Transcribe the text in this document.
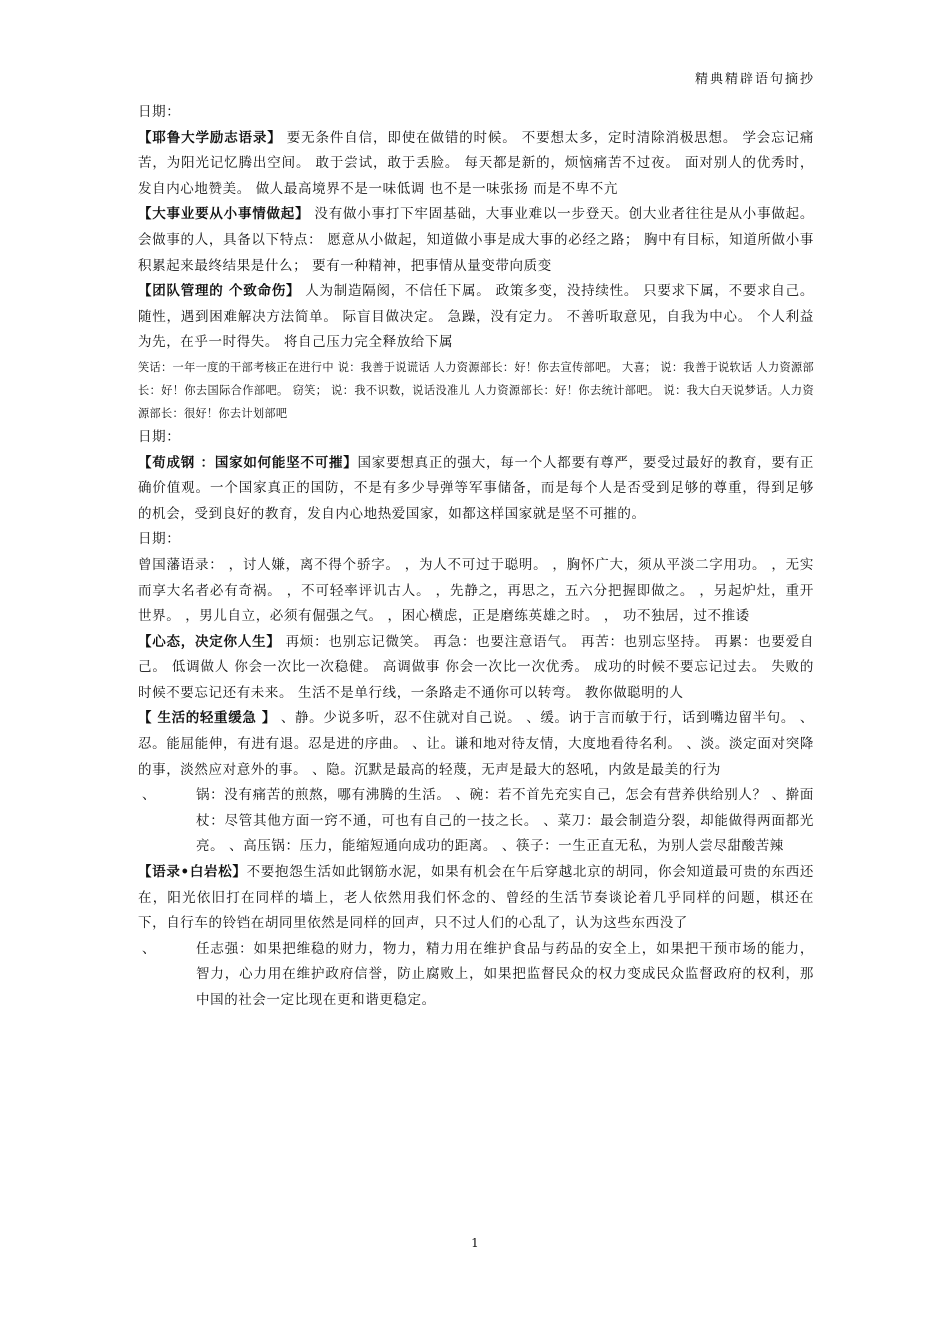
精典精辟语句摘抄

日期：

【耶鲁大学励志语录】 要无条件自信，即使在做错的时候。 不要想太多，定时清除消极思想。 学会忘记痛苦，为阳光记忆腾出空间。 敢于尝试，敢于丢脸。 每天都是新的，烦恼痛苦不过夜。 面对别人的优秀时，发自内心地赞美。 做人最高境界不是一味低调 也不是一味张扬 而是不卑不亢

【大事业要从小事情做起】 没有做小事打下牢固基础，大事业难以一步登天。创大业者往往是从小事做起。 会做事的人，具备以下特点： 愿意从小做起，知道做小事是成大事的必经之路； 胸中有目标，知道所做小事积累起来最终结果是什么； 要有一种精神，把事情从量变带向质变

【团队管理的 个致命伤】 人为制造隔阂，不信任下属。 政策多变，没持续性。 只要求下属，不要求自己。 随性，遇到困难解决方法简单。 际盲目做决定。 急躁，没有定力。 不善听取意见，自我为中心。 个人利益为先，在乎一时得失。 将自己压力完全释放给下属

笑话：一年一度的干部考核正在进行中 说：我善于说谎话 人力资源部长：好！你去宣传部吧。 大喜； 说：我善于说软话 人力资源部长：好！你去国际合作部吧。 窃笑； 说：我不识数，说话没准儿 人力资源部长：好！你去统计部吧。 说：我大白天说梦话。人力资源部长：很好！你去计划部吧

日期：

【荀成钢 ：国家如何能坚不可摧】国家要想真正的强大，每一个人都要有尊严，要受过最好的教育，要有正确价值观。一个国家真正的国防，不是有多少导弹等军事储备，而是每个人是否受到足够的尊重，得到足够的机会，受到良好的教育，发自内心地热爱国家，如都这样国家就是坚不可摧的。

日期：

曾国藩语录： ，讨人嫌，离不得个骄字。 ，为人不可过于聪明。 ，胸怀广大，须从平淡二字用功。 ，无实而享大名者必有奇祸。 ，不可轻率评讥古人。 ，先静之，再思之，五六分把握即做之。 ，另起炉灶，重开世界。 ，男儿自立，必须有倔强之气。 ，困心横虑，正是磨练英雄之时。 ， 功不独居，过不推诿

【心态，决定你人生】 再烦：也别忘记微笑。 再急：也要注意语气。 再苦：也别忘坚持。 再累：也要爱自己。 低调做人 你会一次比一次稳健。 高调做事 你会一次比一次优秀。 成功的时候不要忘记过去。 失败的时候不要忘记还有未来。 生活不是单行线，一条路走不通你可以转弯。 教你做聪明的人

【 生活的轻重缓急 】 、静。少说多听，忍不住就对自己说。 、缓。讷于言而敏于行，话到嘴边留半句。 、忍。能屈能伸，有进有退。忍是进的序曲。 、让。谦和地对待友情，大度地看待名利。 、淡。淡定面对突降的事，淡然应对意外的事。 、隐。沉默是最高的轻蔑，无声是最大的怒吼，内敛是最美的行为

、	锅：没有痛苦的煎熬，哪有沸腾的生活。 、碗：若不首先充实自己，怎会有营养供给别人？ 、擀面杖：尽管其他方面一窍不通，可也有自己的一技之长。 、菜刀：最会制造分裂，却能做得两面都光亮。 、高压锅：压力，能缩短通向成功的距离。 、筷子：一生正直无私，为别人尝尽甜酸苦辣

【语录•白岩松】不要抱怨生活如此钢筋水泥，如果有机会在午后穿越北京的胡同，你会知道最可贵的东西还在，阳光依旧打在同样的墙上，老人依然用我们怀念的、曾经的生活节奏谈论着几乎同样的问题，棋还在下，自行车的铃铛在胡同里依然是同样的回声，只不过人们的心乱了，认为这些东西没了

、	任志强：如果把维稳的财力，物力，精力用在维护食品与药品的安全上，如果把干预市场的能力，智力，心力用在维护政府信誉，防止腐败上，如果把监督民众的权力变成民众监督政府的权利，那中国的社会一定比现在更和谐更稳定。

1
